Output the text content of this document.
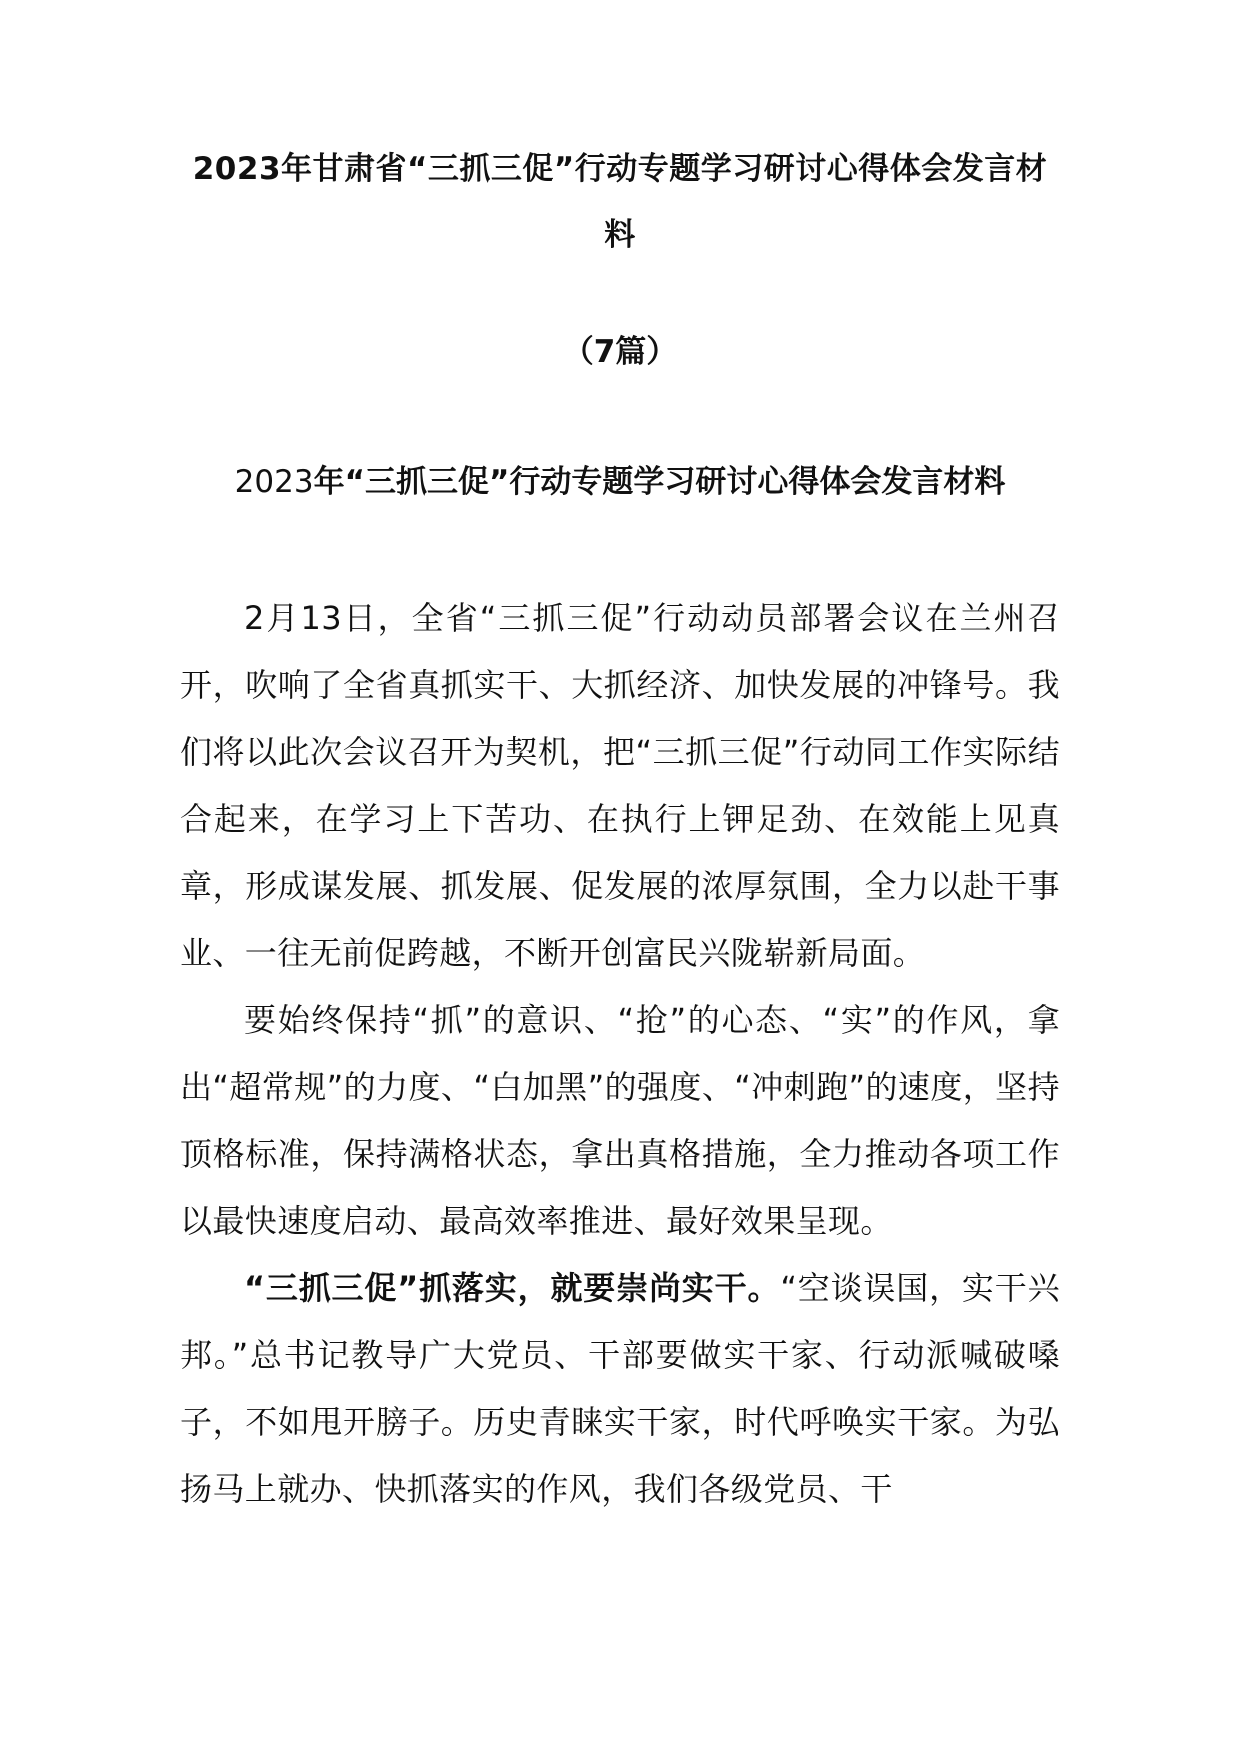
2023年甘肃省“三抓三促”行动专题学习研讨心得体会发言材料
（7篇）
2023年“三抓三促”行动专题学习研讨心得体会发言材料

2月13日，全省“三抓三促”行动动员部署会议在兰州召开，吹响了全省真抓实干、大抓经济、加快发展的冲锋号。我们将以此次会议召开为契机，把“三抓三促”行动同工作实际结合起来，在学习上下苦功、在执行上钾足劲、在效能上见真章，形成谋发展、抓发展、促发展的浓厚氛围，全力以赴干事业、一往无前促跨越，不断开创富民兴陇崭新局面。

要始终保持“抓”的意识、“抢”的心态、“实”的作风，拿出“超常规”的力度、“白加黑”的强度、“冲刺跑”的速度，坚持顶格标准，保持满格状态，拿出真格措施，全力推动各项工作以最快速度启动、最高效率推进、最好效果呈现。

“三抓三促”抓落实，就要崇尚实干。“空谈误国，实干兴邦。”总书记教导广大党员、干部要做实干家、行动派喊破嗓子，不如甩开膀子。历史青睐实干家，时代呼唤实干家。为弘扬马上就办、快抓落实的作风，我们各级党员、干
